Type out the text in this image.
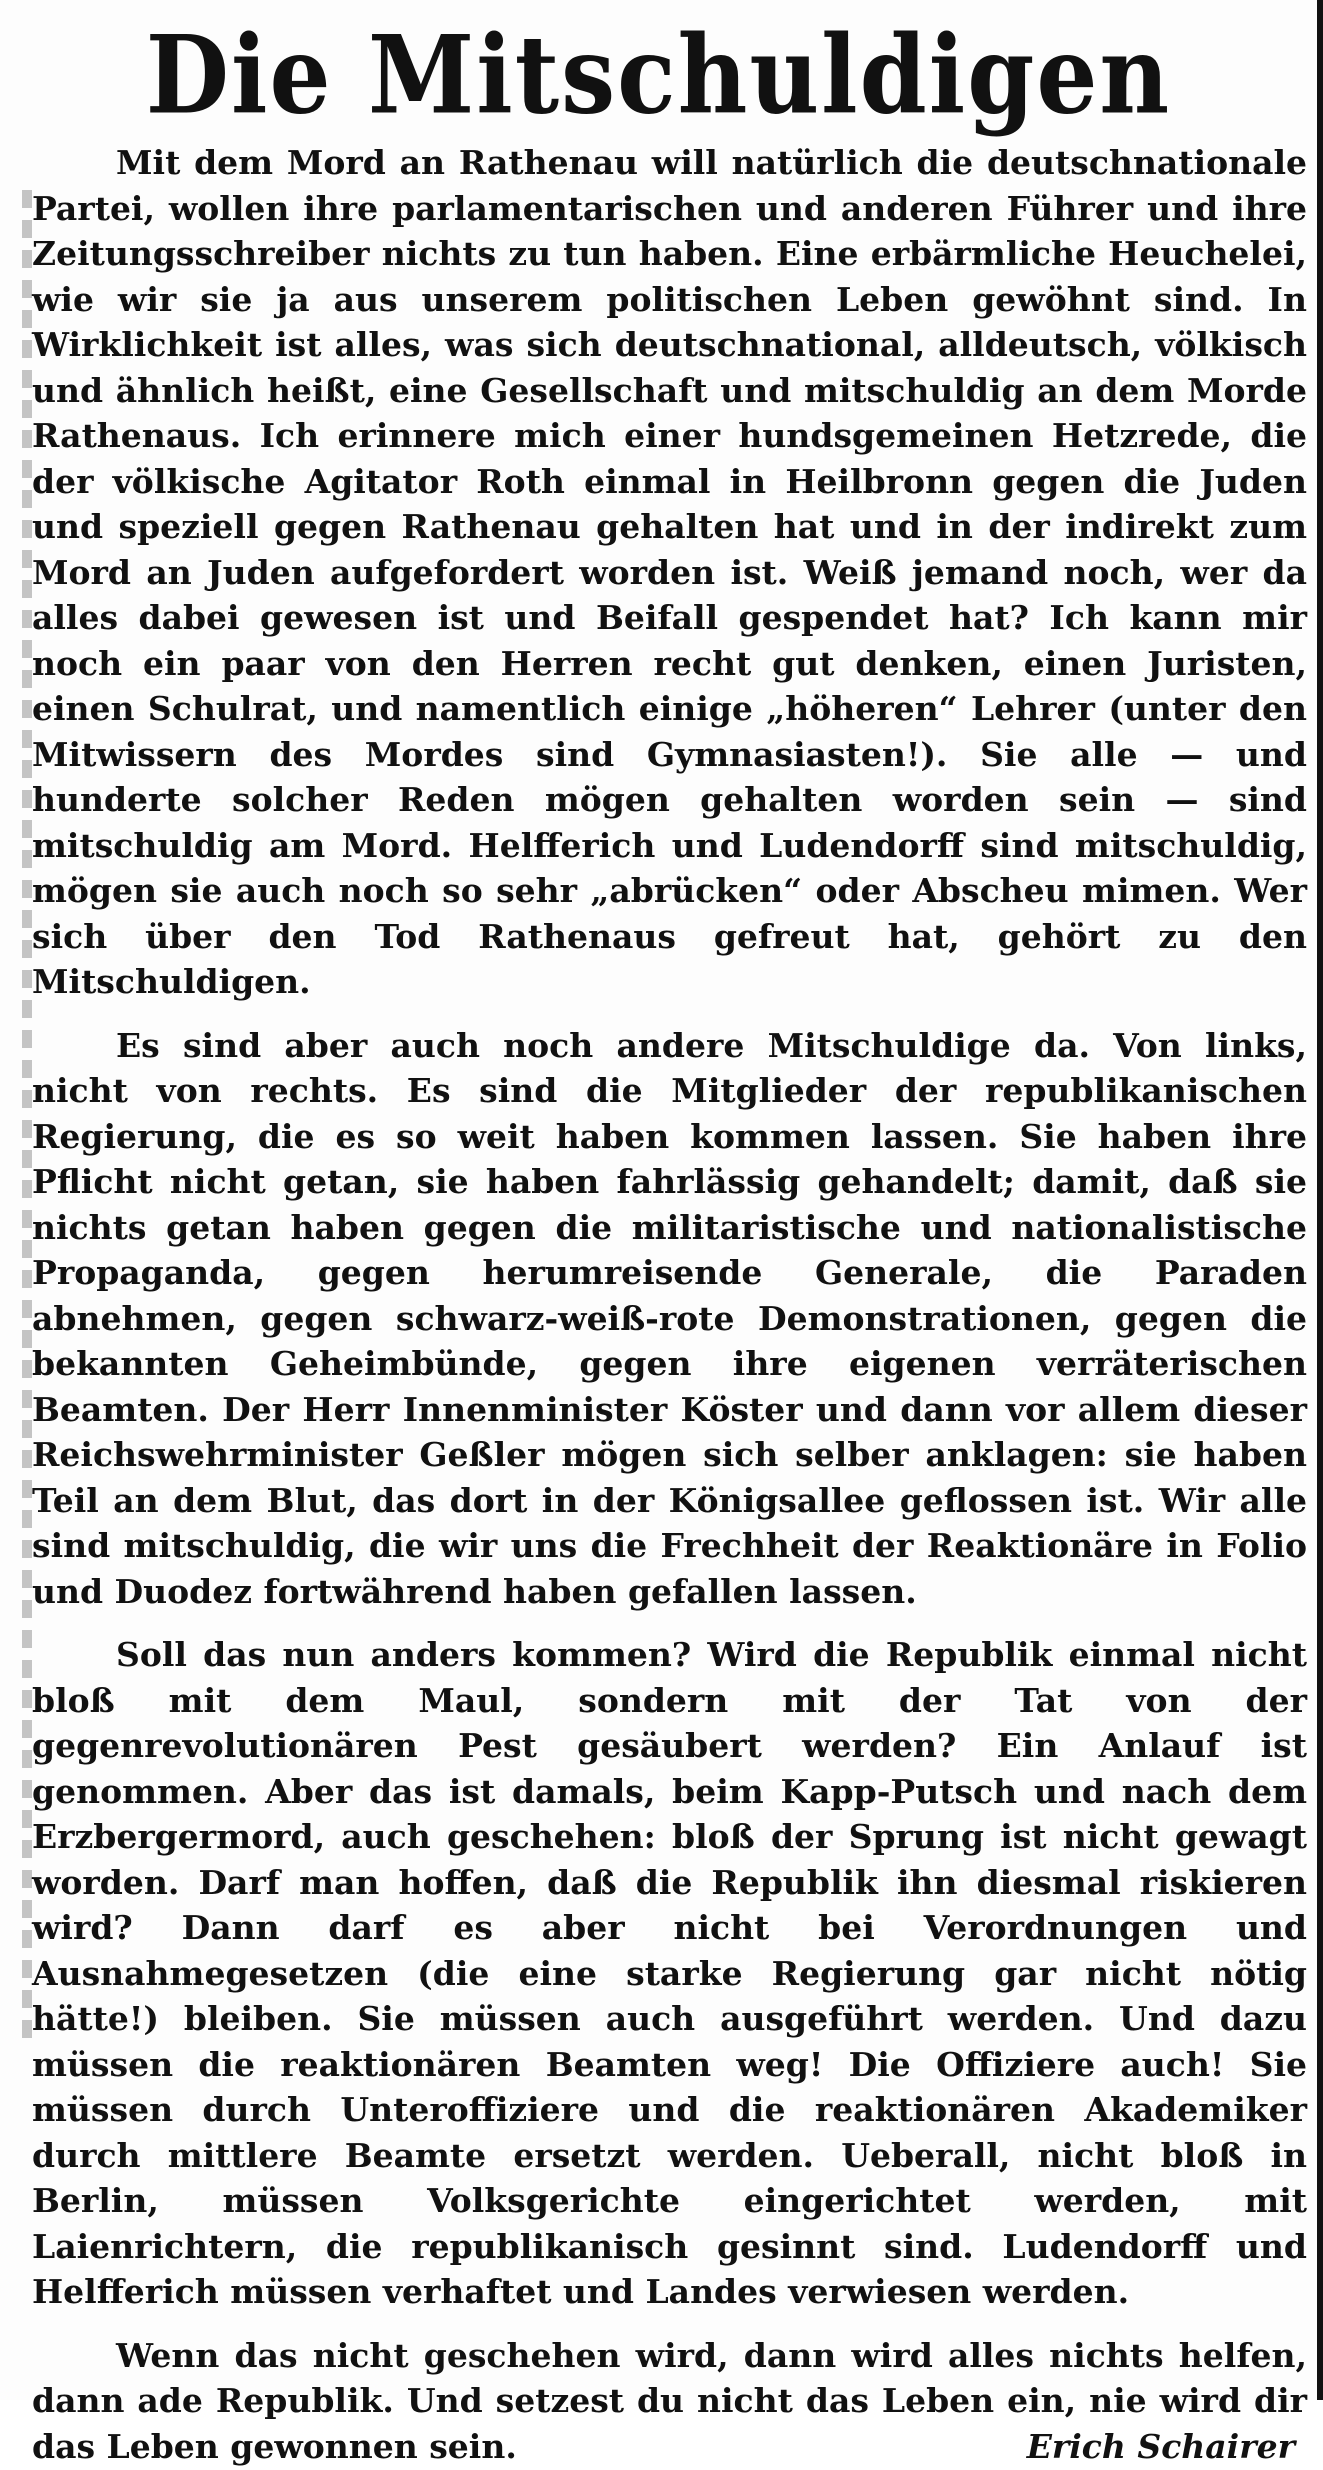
Die Mitschuldigen

Mit dem Mord an Rathenau will natürlich die deutschnationale Partei, wollen ihre parlamentarischen und anderen Führer und ihre Zeitungsschreiber nichts zu tun haben. Eine erbärmliche Heuchelei, wie wir sie ja aus unserem politischen Leben gewöhnt sind. In Wirklichkeit ist alles, was sich deutschnational, alldeutsch, völkisch und ähnlich heißt, eine Gesellschaft und mitschuldig an dem Morde Rathenaus. Ich erinnere mich einer hundsgemeinen Hetzrede, die der völkische Agitator Roth einmal in Heilbronn gegen die Juden und speziell gegen Rathenau gehalten hat und in der indirekt zum Mord an Juden aufgefordert worden ist. Weiß jemand noch, wer da alles dabei gewesen ist und Beifall gespendet hat? Ich kann mir noch ein paar von den Herren recht gut denken, einen Juristen, einen Schulrat, und namentlich einige „höheren“ Lehrer (unter den Mitwissern des Mordes sind Gymnasiasten!). Sie alle — und hunderte solcher Reden mögen gehalten worden sein — sind mitschuldig am Mord. Helfferich und Ludendorff sind mitschuldig, mögen sie auch noch so sehr „abrücken“ oder Abscheu mimen. Wer sich über den Tod Rathenaus gefreut hat, gehört zu den Mitschuldigen.

Es sind aber auch noch andere Mitschuldige da. Von links, nicht von rechts. Es sind die Mitglieder der republikanischen Regierung, die es so weit haben kommen lassen. Sie haben ihre Pflicht nicht getan, sie haben fahrlässig gehandelt; damit, daß sie nichts getan haben gegen die militaristische und nationalistische Propaganda, gegen herumreisende Generale, die Paraden abnehmen, gegen schwarz-weiß-rote Demonstrationen, gegen die bekannten Geheimbünde, gegen ihre eigenen verräterischen Beamten. Der Herr Innenminister Köster und dann vor allem dieser Reichswehrminister Geßler mögen sich selber anklagen: sie haben Teil an dem Blut, das dort in der Königsallee geflossen ist. Wir alle sind mitschuldig, die wir uns die Frechheit der Reaktionäre in Folio und Duodez fortwährend haben gefallen lassen.

Soll das nun anders kommen? Wird die Republik einmal nicht bloß mit dem Maul, sondern mit der Tat von der gegenrevolutionären Pest gesäubert werden? Ein Anlauf ist genommen. Aber das ist damals, beim Kapp-Putsch und nach dem Erzbergermord, auch geschehen: bloß der Sprung ist nicht gewagt worden. Darf man hoffen, daß die Republik ihn diesmal riskieren wird? Dann darf es aber nicht bei Verordnungen und Ausnahmegesetzen (die eine starke Regierung gar nicht nötig hätte!) bleiben. Sie müssen auch ausgeführt werden. Und dazu müssen die reaktionären Beamten weg! Die Offiziere auch! Sie müssen durch Unteroffiziere und die reaktionären Akademiker durch mittlere Beamte ersetzt werden. Ueberall, nicht bloß in Berlin, müssen Volksgerichte eingerichtet werden, mit Laienrichtern, die republikanisch gesinnt sind. Ludendorff und Helfferich müssen verhaftet und Landes verwiesen werden.

Wenn das nicht geschehen wird, dann wird alles nichts helfen, dann ade Republik. Und setzest du nicht das Leben ein, nie wird dir das Leben gewonnen sein.	Erich Schairer
